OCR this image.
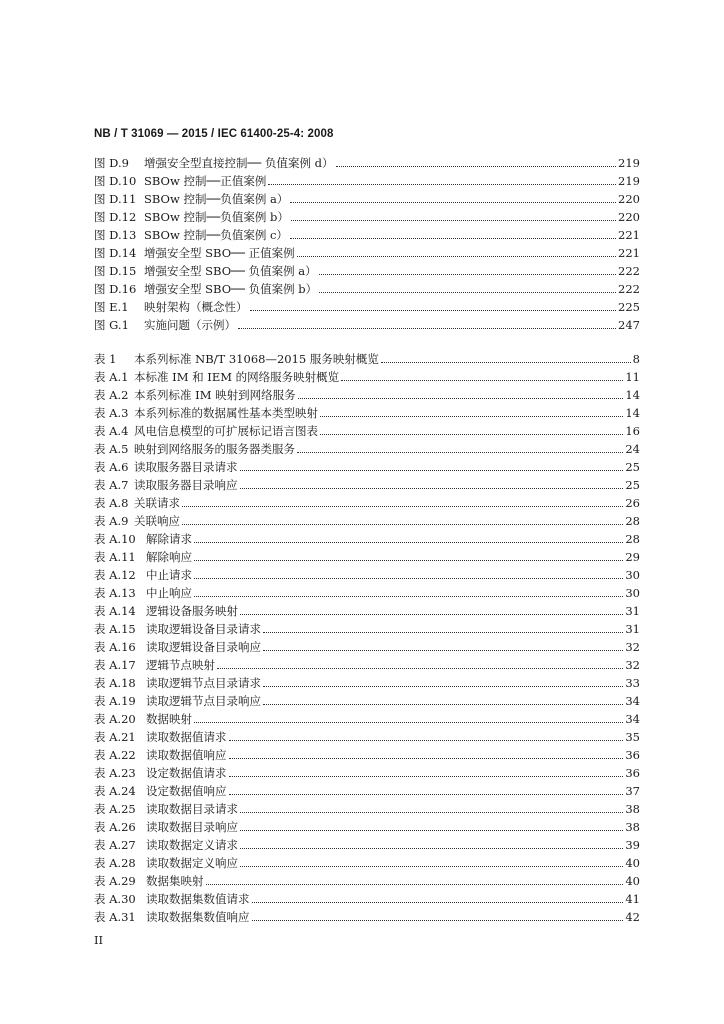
NB / T 31069 — 2015 / IEC 61400-25-4: 2008
图 D.9	增强安全型直接控制── 负值案例 d）	219
图 D.10 SBOw 控制──正值案例	219
图 D.11 SBOw 控制──负值案例 a）	220
图 D.12 SBOw 控制──负值案例 b）	220
图 D.13 SBOw 控制──负值案例 c）	221
图 D.14 增强安全型 SBO── 正值案例	221
图 D.15 增强安全型 SBO── 负值案例 a）	222
图 D.16 增强安全型 SBO── 负值案例 b）	222
图 E.1	映射架构（概念性）	225
图 G.1	实施问题（示例）	247
表 1	本系列标准 NB/T 31068—2015 服务映射概览	8
表 A.1 本标准 IM 和 IEM 的网络服务映射概览	11
表 A.2 本系列标准 IM 映射到网络服务	14
表 A.3 本系列标准的数据属性基本类型映射	14
表 A.4 风电信息模型的可扩展标记语言图表	16
表 A.5 映射到网络服务的服务器类服务	24
表 A.6 读取服务器目录请求	25
表 A.7 读取服务器目录响应	25
表 A.8 关联请求	26
表 A.9 关联响应	28
表 A.10 解除请求	28
表 A.11 解除响应	29
表 A.12 中止请求	30
表 A.13 中止响应	30
表 A.14 逻辑设备服务映射	31
表 A.15 读取逻辑设备目录请求	31
表 A.16 读取逻辑设备目录响应	32
表 A.17 逻辑节点映射	32
表 A.18 读取逻辑节点目录请求	33
表 A.19 读取逻辑节点目录响应	34
表 A.20 数据映射	34
表 A.21 读取数据值请求	35
表 A.22 读取数据值响应	36
表 A.23 设定数据值请求	36
表 A.24 设定数据值响应	37
表 A.25 读取数据目录请求	38
表 A.26 读取数据目录响应	38
表 A.27 读取数据定义请求	39
表 A.28 读取数据定义响应	40
表 A.29 数据集映射	40
表 A.30 读取数据集数值请求	41
表 A.31 读取数据集数值响应	42
II
